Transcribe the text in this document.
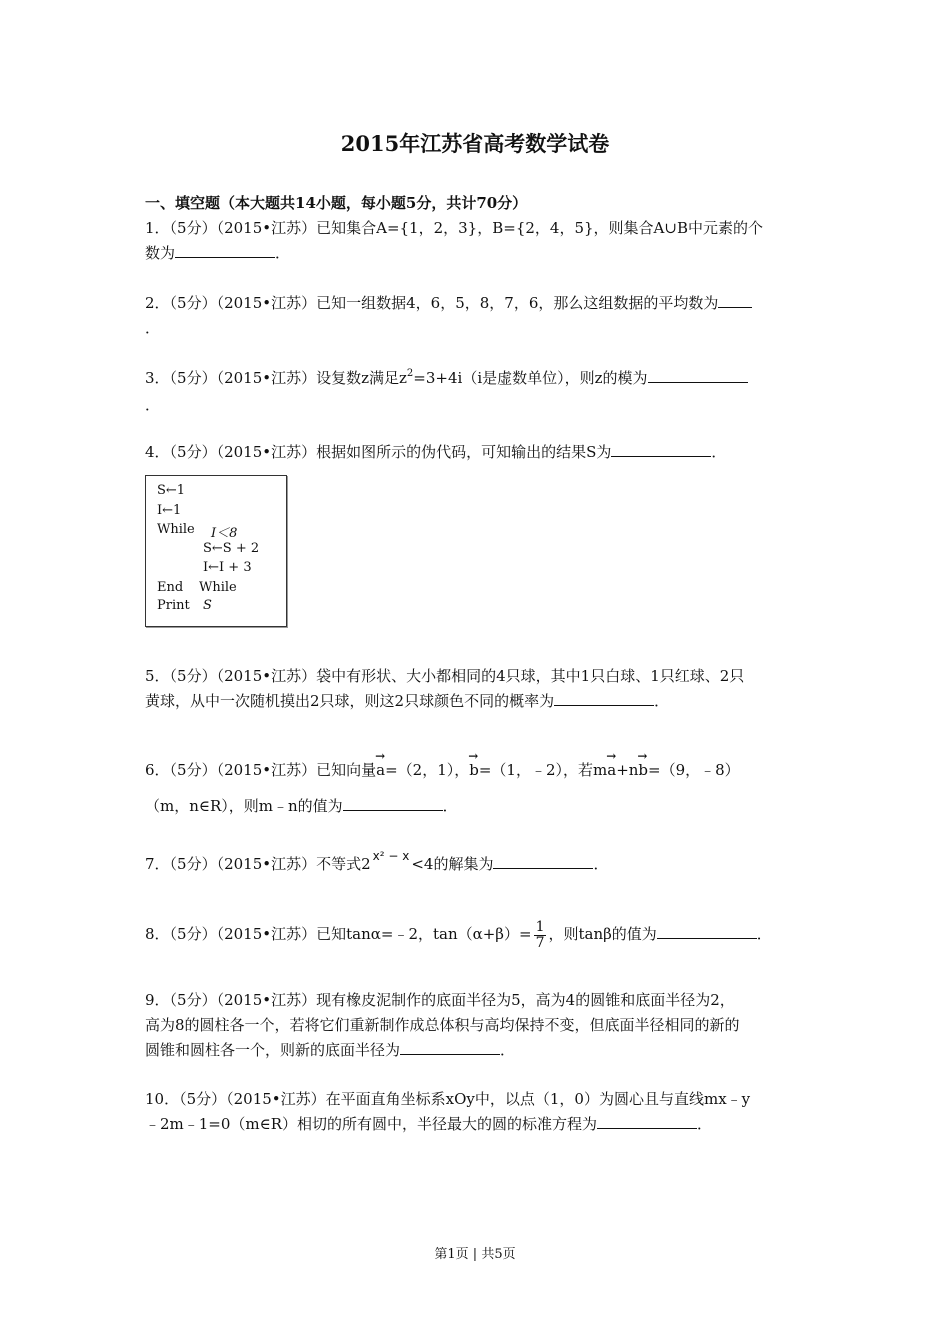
2015年江苏省高考数学试卷
一、填空题（本大题共14小题，每小题5分，共计70分）
1．（5分）（2015•江苏）已知集合A={1，2，3}，B={2，4，5}，则集合A∪B中元素的个
数为	．
2．（5分）（2015•江苏）已知一组数据4，6，5，8，7，6，那么这组数据的平均数为
．
3．（5分）（2015•江苏）设复数z满足$z^2=3+4i(i$是虚数单位），则z的模为
．
4．（5分）（2015•江苏）根据如图所示的伪代码，可知输出的结果S为	．
S←1
I←1
While I＜8
S←S + 2
I←I + 3
End While
Print S
5．（5分）（2015•江苏）袋中有形状、大小都相同的4只球，其中1只白球、1只红球、2只
黄球，从中一次随机摸出2只球，则这2只球颜色不同的概率为	．
6．（5分）（2015•江苏）已知向量→ a=（2，1），→ b=（1，﹣2），若m→ a+n→ b=（9，﹣8）
（m，n∈R），则m﹣n的值为	．
7．（5分）（2015•江苏）不等式2 $^{x^2 - x}$ <4的解集为	．
8．（5分）（2015•江苏）已知tanα=﹣2，$\tan(\alpha+\beta)= \frac{1}{7}$ ，则tanβ的值为	．
9．（5分）（2015•江苏）现有橡皮泥制作的底面半径为5，高为4的圆锥和底面半径为2，
高为8的圆柱各一个，若将它们重新制作成总体积与高均保持不变，但底面半径相同的新的
圆锥和圆柱各一个，则新的底面半径为	．
10．（5分）（2015•江苏）在平面直角坐标系xOy中，以点（1，0）为圆心且与直线mx﹣y
﹣2m﹣1=0（m∈R）相切的所有圆中，半径最大的圆的标准方程为	．
第1页 | 共5页
